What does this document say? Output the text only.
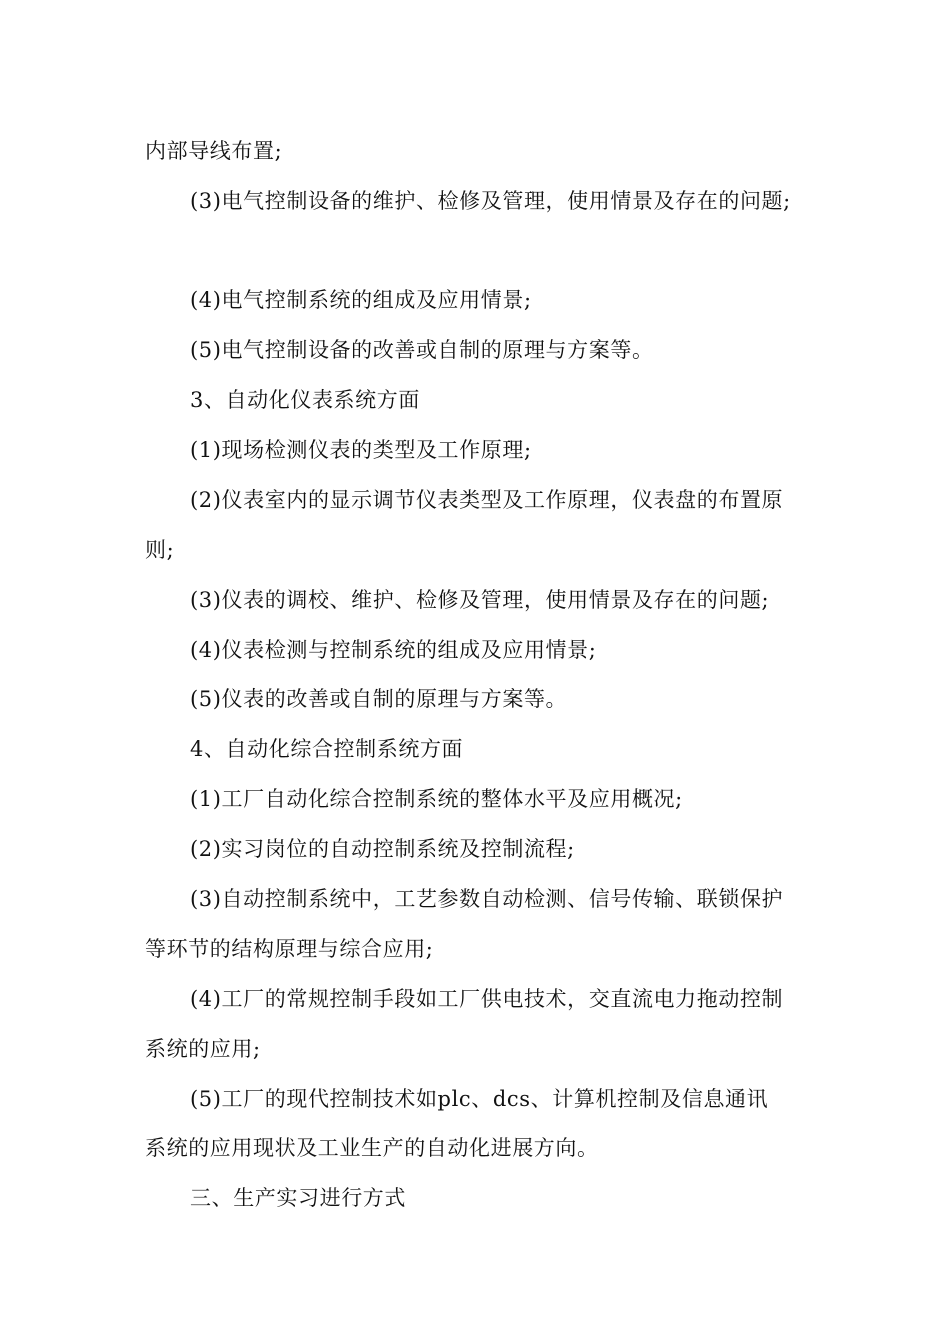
内部导线布置;
(3)电气控制设备的维护、检修及管理，使用情景及存在的问题;
(4)电气控制系统的组成及应用情景;
(5)电气控制设备的改善或自制的原理与方案等。
3、自动化仪表系统方面
(1)现场检测仪表的类型及工作原理;
(2)仪表室内的显示调节仪表类型及工作原理，仪表盘的布置原
则;
(3)仪表的调校、维护、检修及管理，使用情景及存在的问题;
(4)仪表检测与控制系统的组成及应用情景;
(5)仪表的改善或自制的原理与方案等。
4、自动化综合控制系统方面
(1)工厂自动化综合控制系统的整体水平及应用概况;
(2)实习岗位的自动控制系统及控制流程;
(3)自动控制系统中，工艺参数自动检测、信号传输、联锁保护
等环节的结构原理与综合应用;
(4)工厂的常规控制手段如工厂供电技术，交直流电力拖动控制
系统的应用;
(5)工厂的现代控制技术如plc、dcs、计算机控制及信息通讯
系统的应用现状及工业生产的自动化进展方向。
三、生产实习进行方式
